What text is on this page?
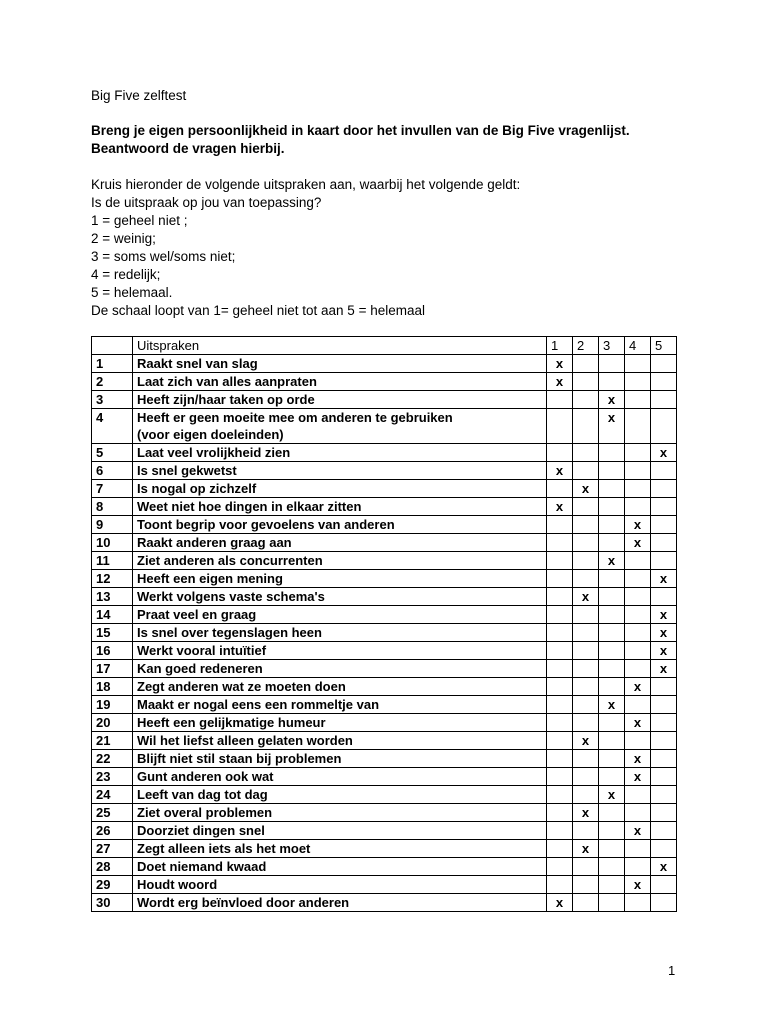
Big Five zelftest
Breng je eigen persoonlijkheid in kaart door het invullen van de Big Five vragenlijst.
Beantwoord de vragen hierbij.
Kruis hieronder de volgende uitspraken aan, waarbij het volgende geldt:
Is de uitspraak op jou van toepassing?
1 = geheel niet ;
2 = weinig;
3 = soms wel/soms niet;
4 = redelijk;
5 = helemaal.
De schaal loopt van 1= geheel niet tot aan 5 = helemaal
	Uitspraken	1	2	3	4	5
1	Raakt snel van slag	x				
2	Laat zich van alles aanpraten	x				
3	Heeft zijn/haar taken op orde			x		
4	Heeft er geen moeite mee om anderen te gebruiken
(voor eigen doeleinden)			x		
5	Laat veel vrolijkheid zien					x
6	Is snel gekwetst	x				
7	Is nogal op zichzelf		x			
8	Weet niet hoe dingen in elkaar zitten	x				
9	Toont begrip voor gevoelens van anderen				x	
10	Raakt anderen graag aan				x	
11	Ziet anderen als concurrenten			x		
12	Heeft een eigen mening					x
13	Werkt volgens vaste schema's		x			
14	Praat veel en graag					x
15	Is snel over tegenslagen heen					x
16	Werkt vooral intuïtief					x
17	Kan goed redeneren					x
18	Zegt anderen wat ze moeten doen				x	
19	Maakt er nogal eens een rommeltje van			x		
20	Heeft een gelijkmatige humeur				x	
21	Wil het liefst alleen gelaten worden		x			
22	Blijft niet stil staan bij problemen				x	
23	Gunt anderen ook wat				x	
24	Leeft van dag tot dag			x		
25	Ziet overal problemen		x			
26	Doorziet dingen snel				x	
27	Zegt alleen iets als het moet		x			
28	Doet niemand kwaad					x
29	Houdt woord				x	
30	Wordt erg beïnvloed door anderen	x				
1
